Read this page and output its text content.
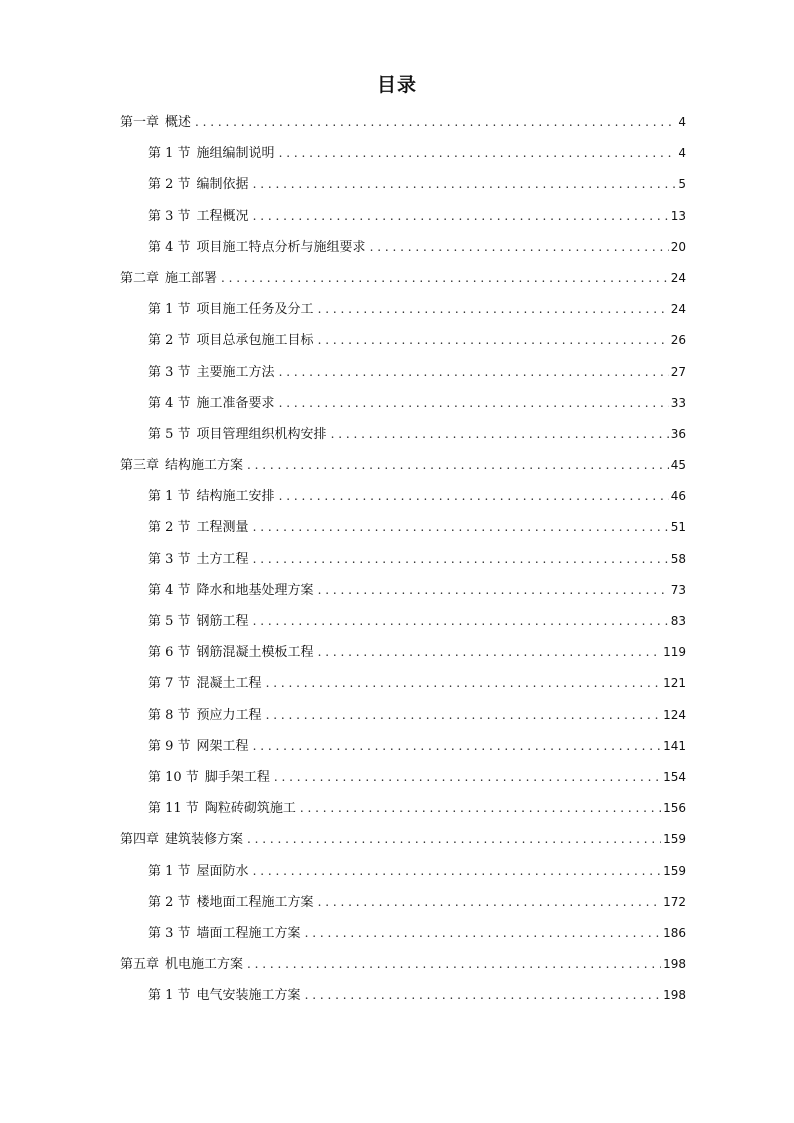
目录
第一章 概述 . . .	4
第 1 节 施组编制说明 . . .	4
第 2 节 编制依据 . . .	5
第 3 节 工程概况 . . .	13
第 4 节 项目施工特点分析与施组要求 . . .	20
第二章 施工部署 . . .	24
第 1 节 项目施工任务及分工 . . .	24
第 2 节 项目总承包施工目标 . . .	26
第 3 节 主要施工方法 . . .	27
第 4 节 施工准备要求 . . .	33
第 5 节 项目管理组织机构安排 . . .	36
第三章 结构施工方案 . . .	45
第 1 节 结构施工安排 . . .	46
第 2 节 工程测量 . . .	51
第 3 节 土方工程 . . .	58
第 4 节 降水和地基处理方案 . . .	73
第 5 节 钢筋工程 . . .	83
第 6 节 钢筋混凝土模板工程 . . .	119
第 7 节 混凝土工程 . . .	121
第 8 节 预应力工程 . . .	124
第 9 节 网架工程 . . .	141
第 10 节 脚手架工程 . . .	154
第 11 节 陶粒砖砌筑施工 . . .	156
第四章 建筑装修方案 . . .	159
第 1 节 屋面防水 . . .	159
第 2 节 楼地面工程施工方案 . . .	172
第 3 节 墙面工程施工方案 . . .	186
第五章 机电施工方案 . . .	198
第 1 节 电气安装施工方案 . . .	198
